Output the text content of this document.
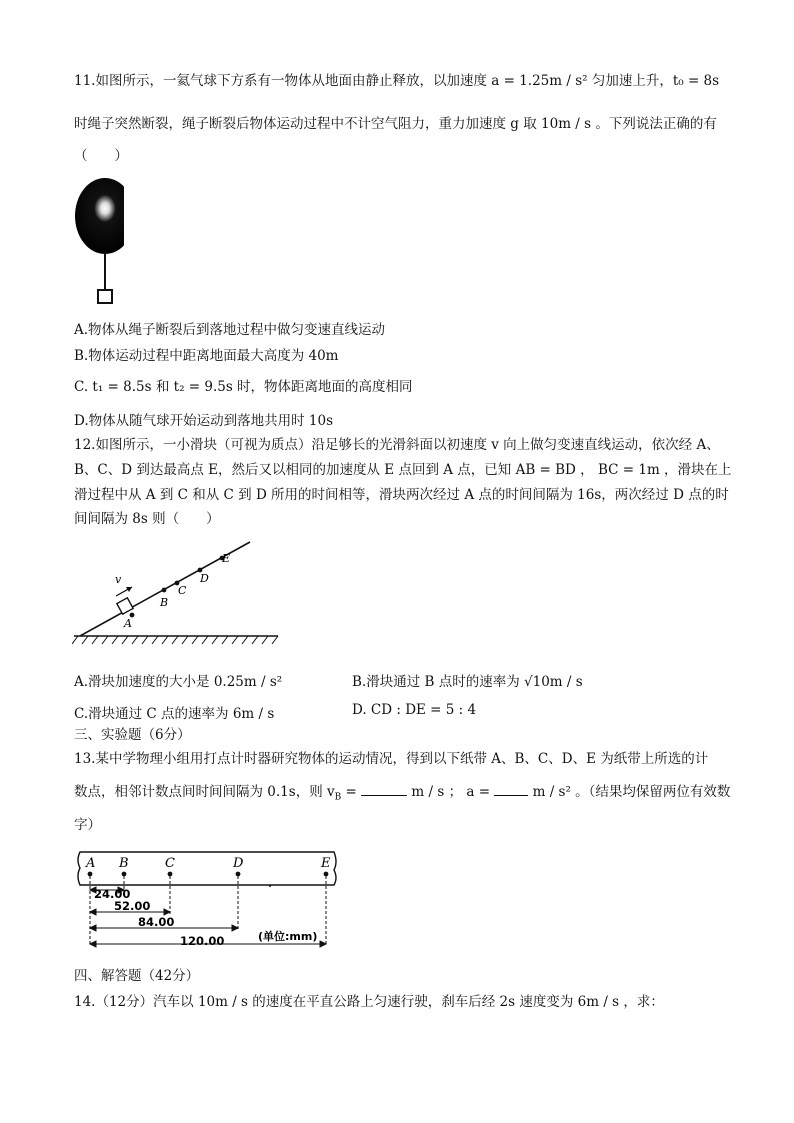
11.如图所示，一氦气球下方系有一物体从地面由静止释放，以加速度 a = 1.25m / s² 匀加速上升，t₀ = 8s
时绳子突然断裂，绳子断裂后物体运动过程中不计空气阻力，重力加速度 g 取 10m / s 。下列说法正确的有
（　　）
A.物体从绳子断裂后到落地过程中做匀变速直线运动
B.物体运动过程中距离地面最大高度为 40m
C. t₁ = 8.5s 和 t₂ = 9.5s 时，物体距离地面的高度相同
D.物体从随气球开始运动到落地共用时 10s
12.如图所示，一小滑块（可视为质点）沿足够长的光滑斜面以初速度 v 向上做匀变速直线运动，依次经 A、
B、C、D 到达最高点 E，然后又以相同的加速度从 E 点回到 A 点，已知 AB = BD ， BC = 1m ，滑块在上
滑过程中从 A 到 C 和从 C 到 D 所用的时间相等，滑块两次经过 A 点的时间间隔为 16s，两次经过 D 点的时
间间隔为 8s 则（　　）
v
A
B
C
D
E
A.滑块加速度的大小是 0.25m / s²	B.滑块通过 B 点时的速率为 √10m / s
C.滑块通过 C 点的速率为 6m / s	D. CD : DE = 5 : 4
三、实验题（6分）
13.某中学物理小组用打点计时器研究物体的运动情况，得到以下纸带 A、B、C、D、E 为纸带上所选的计
数点，相邻计数点间时间间隔为 0.1s，则 $v_B$ =	m / s ； a =	m / s² 。（结果均保留两位有效数
字）
A B	C	D	E
24.00
52.00
84.00
120.00	(单位:mm)
四、解答题（42分）
14.（12分）汽车以 10m / s 的速度在平直公路上匀速行驶，刹车后经 2s 速度变为 6m / s ，求：
